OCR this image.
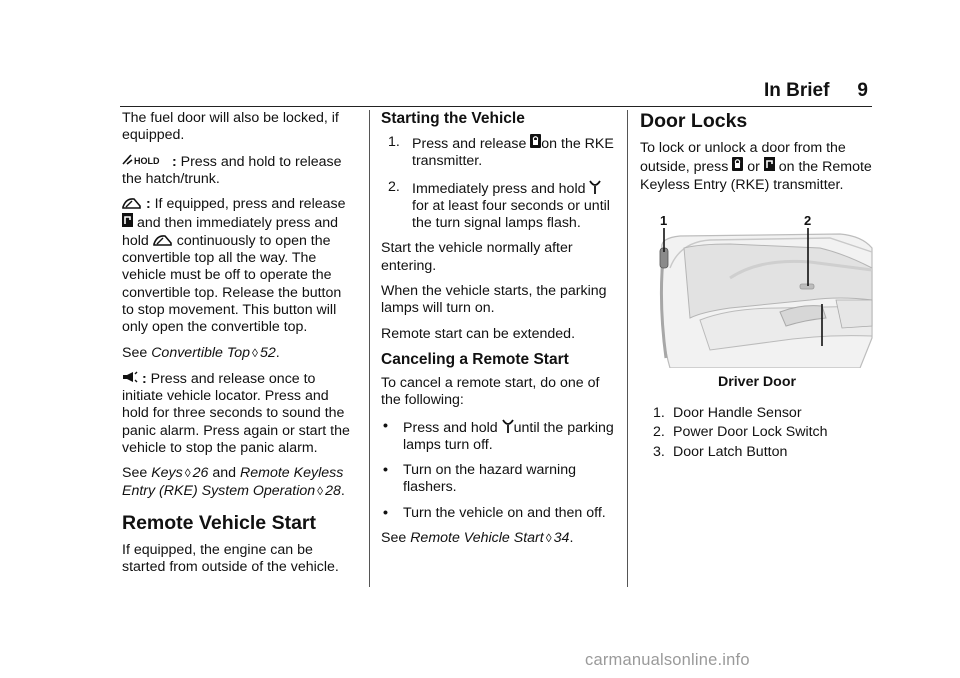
In Brief 9

The fuel door will also be locked, if equipped.

HOLD : Press and hold to release the hatch/trunk.

: If equipped, press and release  and then immediately press and hold  continuously to open the convertible top all the way. The vehicle must be off to operate the convertible top. Release the button to stop movement. This button will only open the convertible top.

See Convertible Top ◊ 52.

: Press and release once to initiate vehicle locator. Press and hold for three seconds to sound the panic alarm. Press again or start the vehicle to stop the panic alarm.

See Keys ◊ 26 and Remote Keyless Entry (RKE) System Operation ◊ 28.

Remote Vehicle Start

If equipped, the engine can be started from outside of the vehicle.

Starting the Vehicle
1. Press and release on the RKE transmitter.
2. Immediately press and hold for at least four seconds or until the turn signal lamps flash.

Start the vehicle normally after entering.

When the vehicle starts, the parking lamps will turn on.

Remote start can be extended.

Canceling a Remote Start

To cancel a remote start, do one of the following:

• Press and hold until the parking lamps turn off.
• Turn on the hazard warning flashers.
• Turn the vehicle on and then off.

See Remote Vehicle Start ◊ 34.

Door Locks

To lock or unlock a door from the outside, press  or  on the Remote Keyless Entry (RKE) transmitter.

1	2
Driver Door
1. Door Handle Sensor
2. Power Door Lock Switch
3. Door Latch Button
carmanualsonline.info
